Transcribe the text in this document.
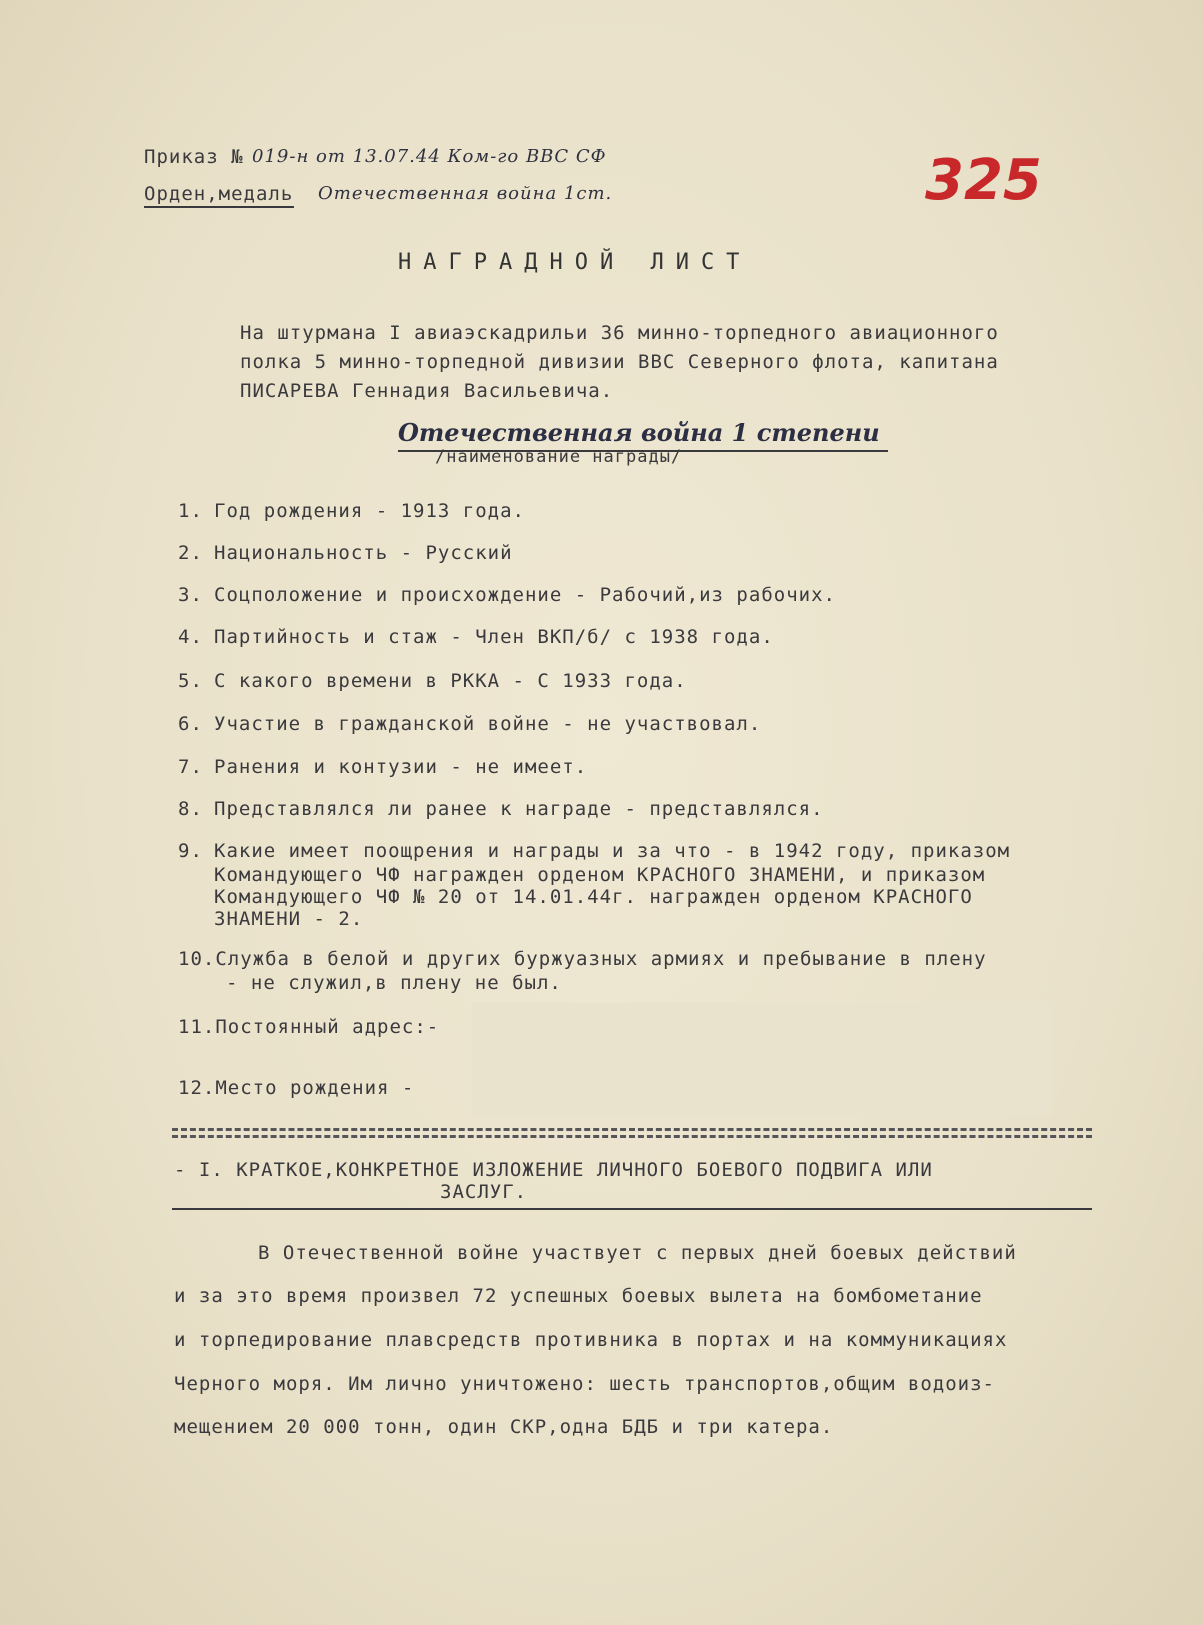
Приказ № 019-н от 13.07.44 Ком-го ВВС СФ
Орден,медаль Отечественная война 1ст.	325
НАГРАДНОЙ ЛИСТ
На штурмана I авиаэскадрильи 36 минно-торпедного авиационного
полка 5 минно-торпедной дивизии ВВС Северного флота, капитана
ПИСАРЕВА Геннадия Васильевича.
Отечественная война 1 степени
/наименование награды/
1. Год рождения - 1913 года.
2. Национальность - Русский
3. Соцположение и происхождение - Рабочий,из рабочих.
4. Партийность и стаж - Член ВКП/б/ с 1938 года.
5. С какого времени в РККА - С 1933 года.
6. Участие в гражданской войне - не участвовал.
7. Ранения и контузии - не имеет.
8. Представлялся ли ранее к награде - представлялся.
9. Какие имеет поощрения и награды и за что - в 1942 году, приказом
Командующего ЧФ награжден орденом КРАСНОГО ЗНАМЕНИ, и приказом
Командующего ЧФ № 20 от 14.01.44г. награжден орденом КРАСНОГО
ЗНАМЕНИ - 2.
10.Служба в белой и других буржуазных армиях и пребывание в плену
- не служил,в плену не был.
11.Постоянный адрес:-
12.Место рождения -
- I. КРАТКОЕ,КОНКРЕТНОЕ ИЗЛОЖЕНИЕ ЛИЧНОГО БОЕВОГО ПОДВИГА ИЛИ
ЗАСЛУГ.
В Отечественной войне участвует с первых дней боевых действий
и за это время произвел 72 успешных боевых вылета на бомбометание
и торпедирование плавсредств противника в портах и на коммуникациях
Черного моря. Им лично уничтожено: шесть транспортов,общим водоиз-
мещением 20 000 тонн, один СКР,одна БДБ и три катера.
